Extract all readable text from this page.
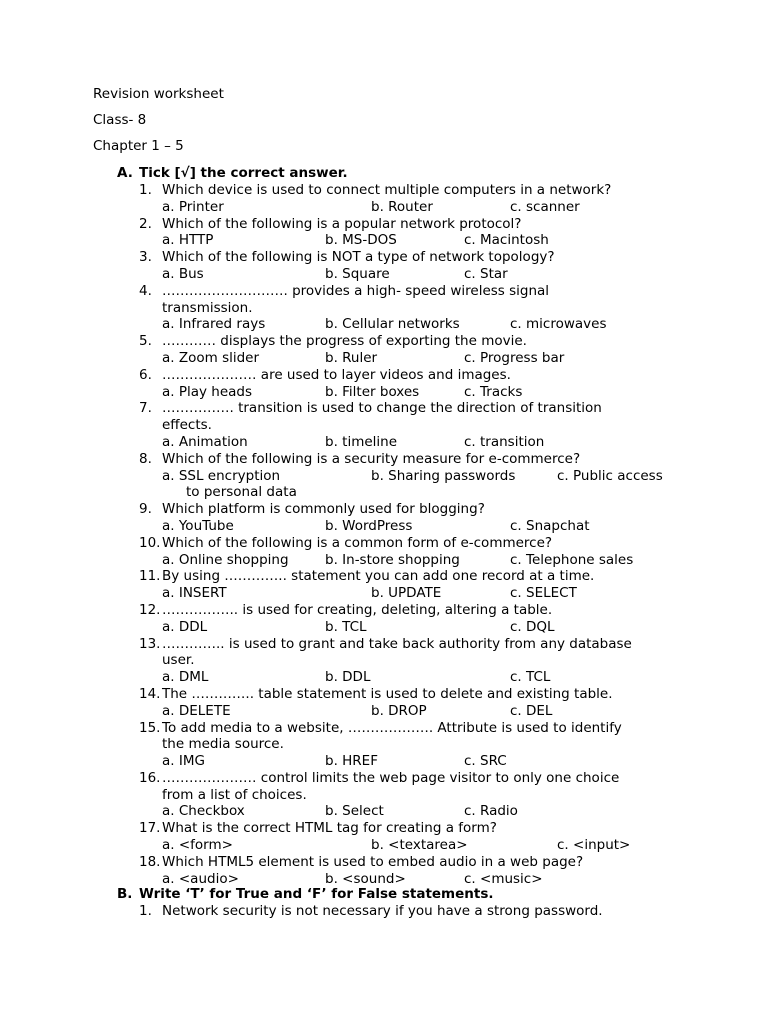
Revision worksheet
Class- 8
Chapter 1 – 5
A. Tick [√] the correct answer.
1. Which device is used to connect multiple computers in a network?
a. Printer	b. Router	c. scanner
2. Which of the following is a popular network protocol?
a. HTTP	b. MS-DOS	c. Macintosh
3. Which of the following is NOT a type of network topology?
a. Bus	b. Square	c. Star
4. ………………………. provides a high- speed wireless signal
transmission.
a. Infrared rays	b. Cellular networks	c. microwaves
5. ………… displays the progress of exporting the movie.
a. Zoom slider	b. Ruler	c. Progress bar
6. ………………… are used to layer videos and images.
a. Play heads	b. Filter boxes	c. Tracks
7. ……………. transition is used to change the direction of transition
effects.
a. Animation	b. timeline	c. transition
8. Which of the following is a security measure for e-commerce?
a. SSL encryption	b. Sharing passwords	c. Public access
to personal data
9. Which platform is commonly used for blogging?
a. YouTube	b. WordPress	c. Snapchat
10. Which of the following is a common form of e-commerce?
a. Online shopping	b. In-store shopping	c. Telephone sales
11. By using ………….. statement you can add one record at a time.
a. INSERT	b. UPDATE	c. SELECT
12. …………….. is used for creating, deleting, altering a table.
a. DDL	b. TCL	c. DQL
13. ………….. is used to grant and take back authority from any database
user.
a. DML	b. DDL	c. TCL
14. The ………….. table statement is used to delete and existing table.
a. DELETE	b. DROP	c. DEL
15. To add media to a website, ………………. Attribute is used to identify
the media source.
a. IMG	b. HREF	c. SRC
16. ………………… control limits the web page visitor to only one choice
from a list of choices.
a. Checkbox	b. Select	c. Radio
17. What is the correct HTML tag for creating a form?
a. <form>	b. <textarea>	c. <input>
18. Which HTML5 element is used to embed audio in a web page?
a. <audio>	b. <sound>	c. <music>
B. Write ‘T’ for True and ‘F’ for False statements.
1. Network security is not necessary if you have a strong password.
